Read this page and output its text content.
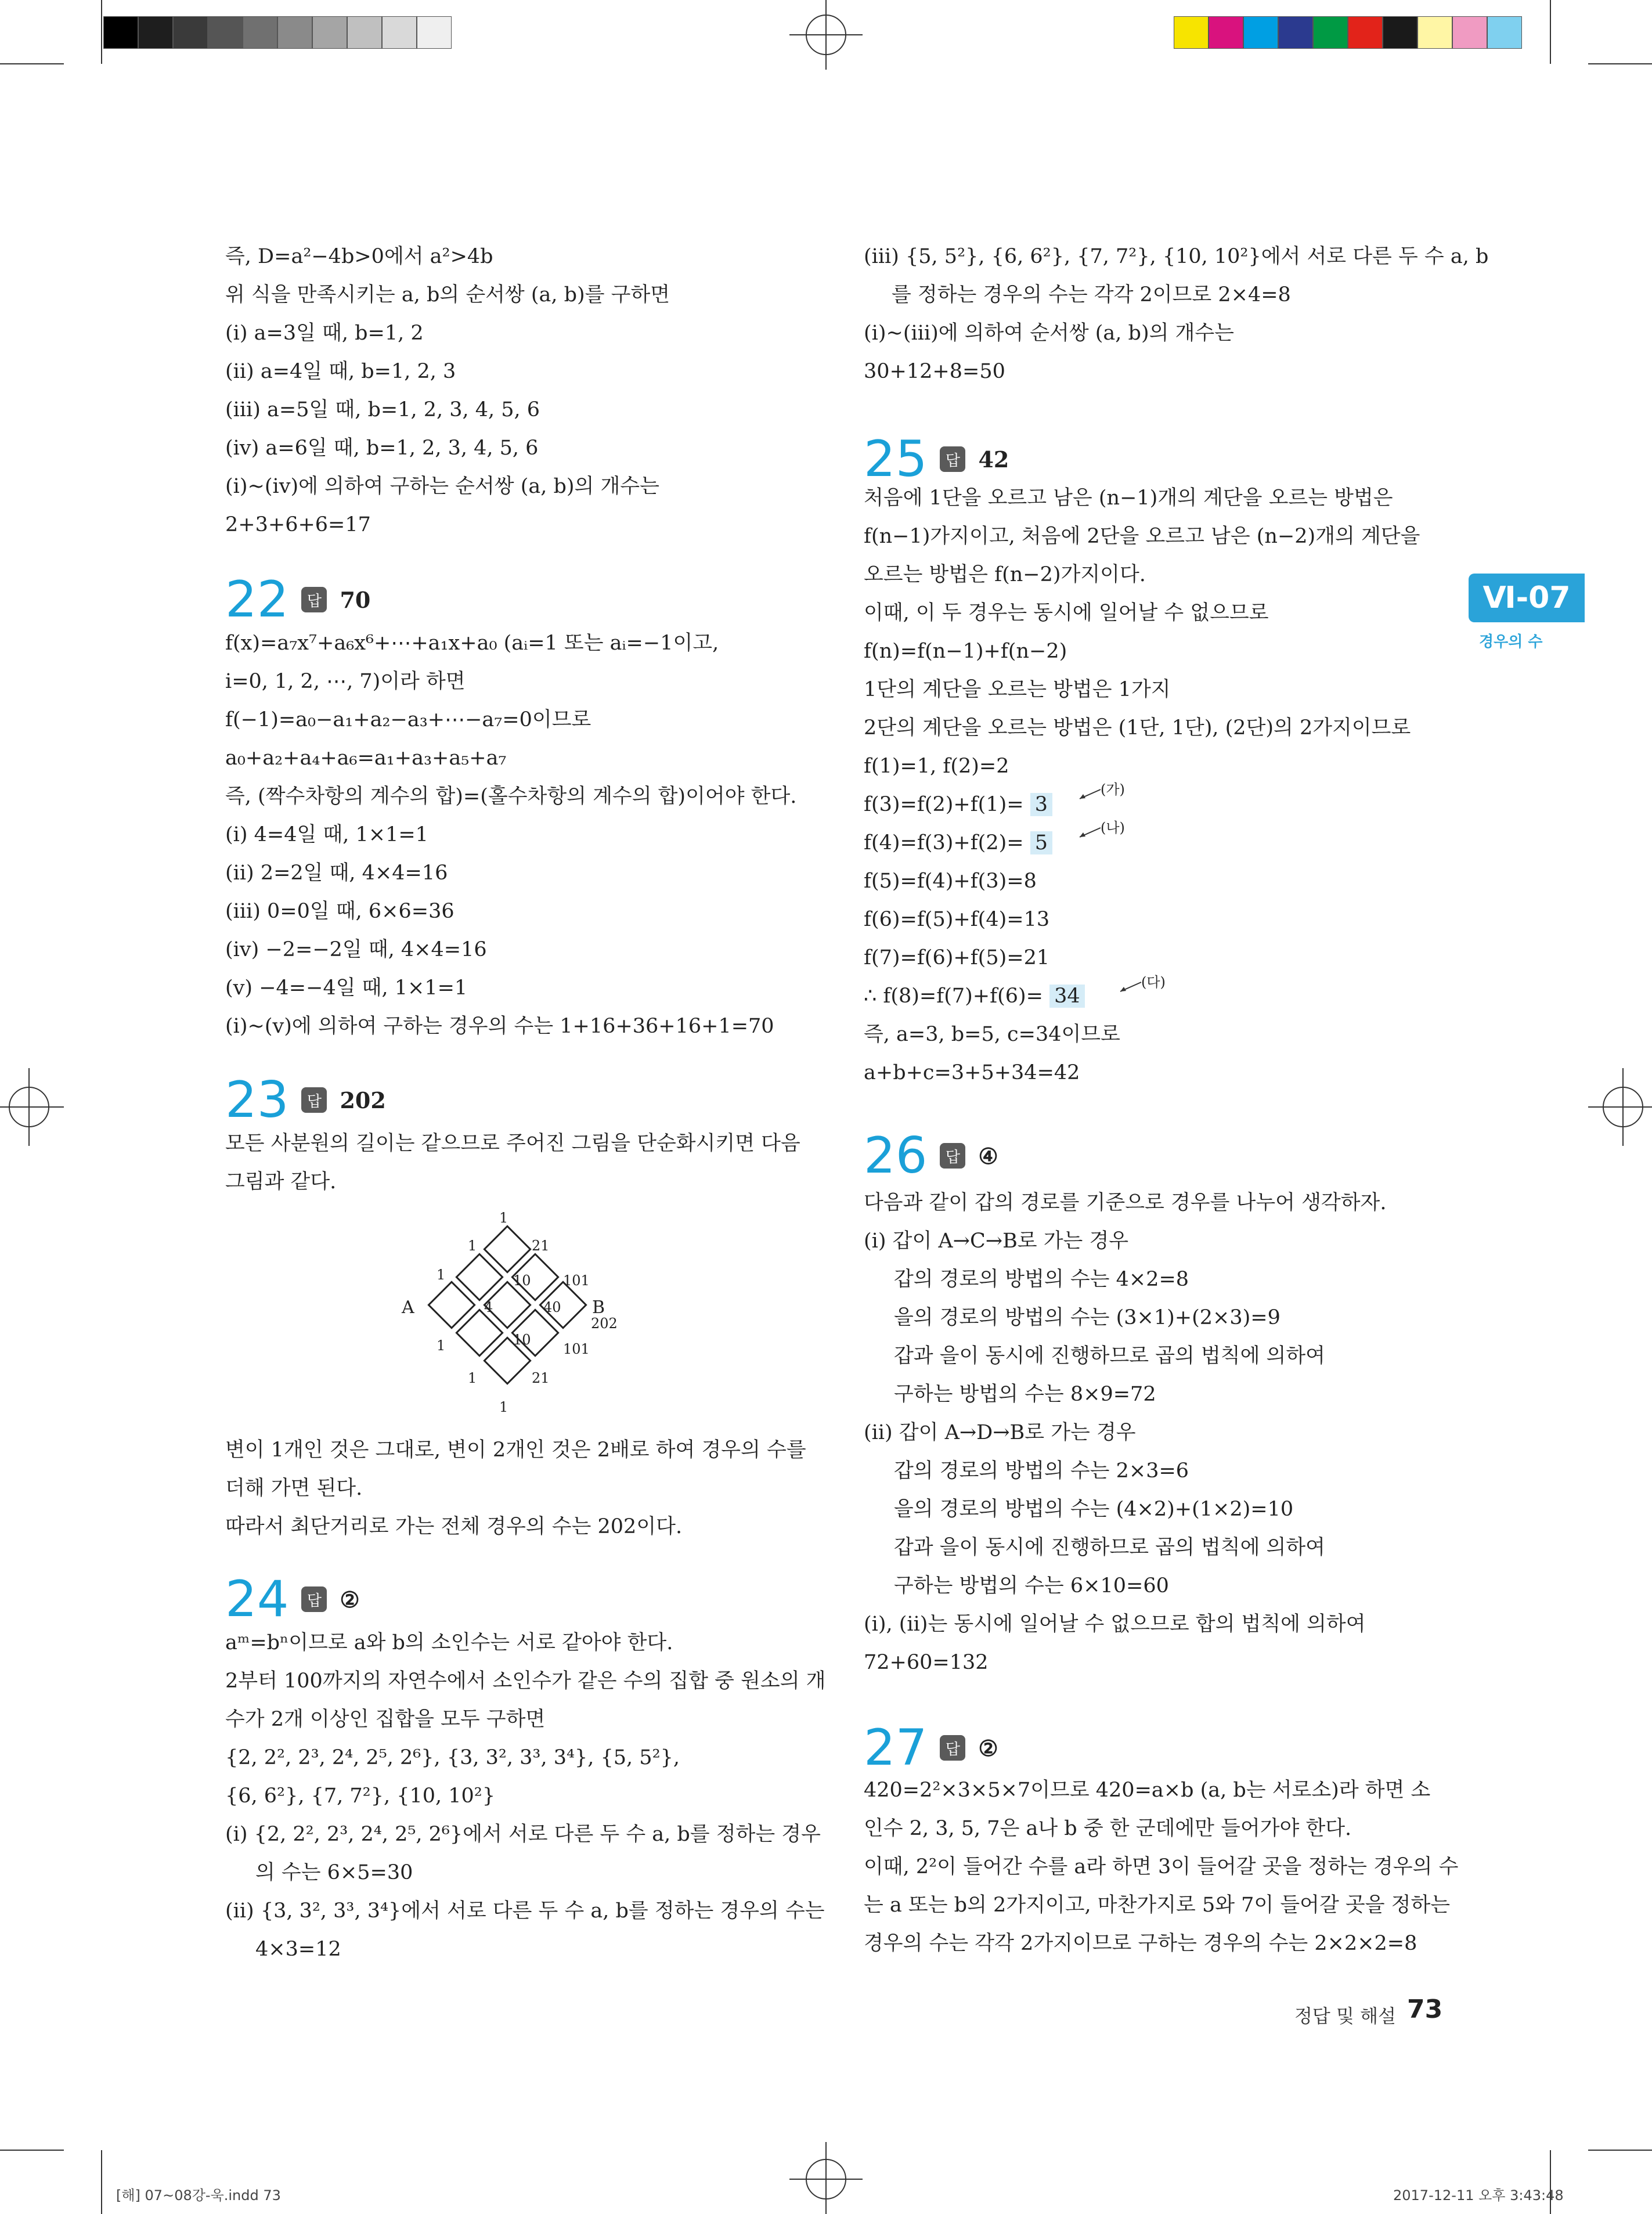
즉, D=a²−4b>0에서 a²>4b
위 식을 만족시키는 a, b의 순서쌍 (a, b)를 구하면
(ⅰ) a=3일 때, b=1, 2
(ⅱ) a=4일 때, b=1, 2, 3
(ⅲ) a=5일 때, b=1, 2, 3, 4, 5, 6
(ⅳ) a=6일 때, b=1, 2, 3, 4, 5, 6
(ⅰ)~(ⅳ)에 의하여 구하는 순서쌍 (a, b)의 개수는
2+3+6+6=17
22	답 70
f(x)=a₇x⁷+a₆x⁶+⋯+a₁x+a₀ (aᵢ=1 또는 aᵢ=−1이고,
i=0, 1, 2, ⋯, 7)이라 하면
f(−1)=a₀−a₁+a₂−a₃+⋯−a₇=0이므로
a₀+a₂+a₄+a₆=a₁+a₃+a₅+a₇
즉, (짝수차항의 계수의 합)=(홀수차항의 계수의 합)이어야 한다.
(ⅰ) 4=4일 때, 1×1=1
(ⅱ) 2=2일 때, 4×4=16
(ⅲ) 0=0일 때, 6×6=36
(ⅳ) −2=−2일 때, 4×4=16
(ⅴ) −4=−4일 때, 1×1=1
(ⅰ)~(ⅴ)에 의하여 구하는 경우의 수는 1+16+36+16+1=70
23	답 202
모든 사분원의 길이는 같으므로 주어진 그림을 단순화시키면 다음
그림과 같다.
1
1	21
1	10 101
A	4	40 B
202
1	10
101
1	21
1
변이 1개인 것은 그대로, 변이 2개인 것은 2배로 하여 경우의 수를
더해 가면 된다.
따라서 최단거리로 가는 전체 경우의 수는 202이다.
24	답 ②
aᵐ=bⁿ이므로 a와 b의 소인수는 서로 같아야 한다.
2부터 100까지의 자연수에서 소인수가 같은 수의 집합 중 원소의 개
수가 2개 이상인 집합을 모두 구하면
{2, 2², 2³, 2⁴, 2⁵, 2⁶}, {3, 3², 3³, 3⁴}, {5, 5²},
{6, 6²}, {7, 7²}, {10, 10²}
(ⅰ) {2, 2², 2³, 2⁴, 2⁵, 2⁶}에서 서로 다른 두 수 a, b를 정하는 경우
의 수는 6×5=30
(ⅱ) {3, 3², 3³, 3⁴}에서 서로 다른 두 수 a, b를 정하는 경우의 수는
4×3=12
(ⅲ) {5, 5²}, {6, 6²}, {7, 7²}, {10, 10²}에서 서로 다른 두 수 a, b
를 정하는 경우의 수는 각각 2이므로 2×4=8
(ⅰ)~(ⅲ)에 의하여 순서쌍 (a, b)의 개수는
30+12+8=50
25	답 42
처음에 1단을 오르고 남은 (n−1)개의 계단을 오르는 방법은
f(n−1)가지이고, 처음에 2단을 오르고 남은 (n−2)개의 계단을
오르는 방법은 f(n−2)가지이다.
이때, 이 두 경우는 동시에 일어날 수 없으므로
f(n)=f(n−1)+f(n−2)
1단의 계단을 오르는 방법은 1가지
2단의 계단을 오르는 방법은 (1단, 1단), (2단)의 2가지이므로
f(1)=1, f(2)=2
f(3)=f(2)+f(1)= 3
(가)
f(4)=f(3)+f(2)= 5
(나)
f(5)=f(4)+f(3)=8
f(6)=f(5)+f(4)=13
f(7)=f(6)+f(5)=21
∴ f(8)=f(7)+f(6)= 34
(다)
즉, a=3, b=5, c=34이므로
a+b+c=3+5+34=42
26	답 ④
다음과 같이 갑의 경로를 기준으로 경우를 나누어 생각하자.
(ⅰ) 갑이 A→C→B로 가는 경우
갑의 경로의 방법의 수는 4×2=8
을의 경로의 방법의 수는 (3×1)+(2×3)=9
갑과 을이 동시에 진행하므로 곱의 법칙에 의하여
구하는 방법의 수는 8×9=72
(ⅱ) 갑이 A→D→B로 가는 경우
갑의 경로의 방법의 수는 2×3=6
을의 경로의 방법의 수는 (4×2)+(1×2)=10
갑과 을이 동시에 진행하므로 곱의 법칙에 의하여
구하는 방법의 수는 6×10=60
(ⅰ), (ⅱ)는 동시에 일어날 수 없으므로 합의 법칙에 의하여
72+60=132
27	답 ②
420=2²×3×5×7이므로 420=a×b (a, b는 서로소)라 하면 소
인수 2, 3, 5, 7은 a나 b 중 한 군데에만 들어가야 한다.
이때, 2²이 들어간 수를 a라 하면 3이 들어갈 곳을 정하는 경우의 수
는 a 또는 b의 2가지이고, 마찬가지로 5와 7이 들어갈 곳을 정하는
경우의 수는 각각 2가지이므로 구하는 경우의 수는 2×2×2=8
Ⅵ-07
경우의 수
정답 및 해설 73
[해] 07~08강-욱.indd 73	2017-12-11 오후 3:43:48
